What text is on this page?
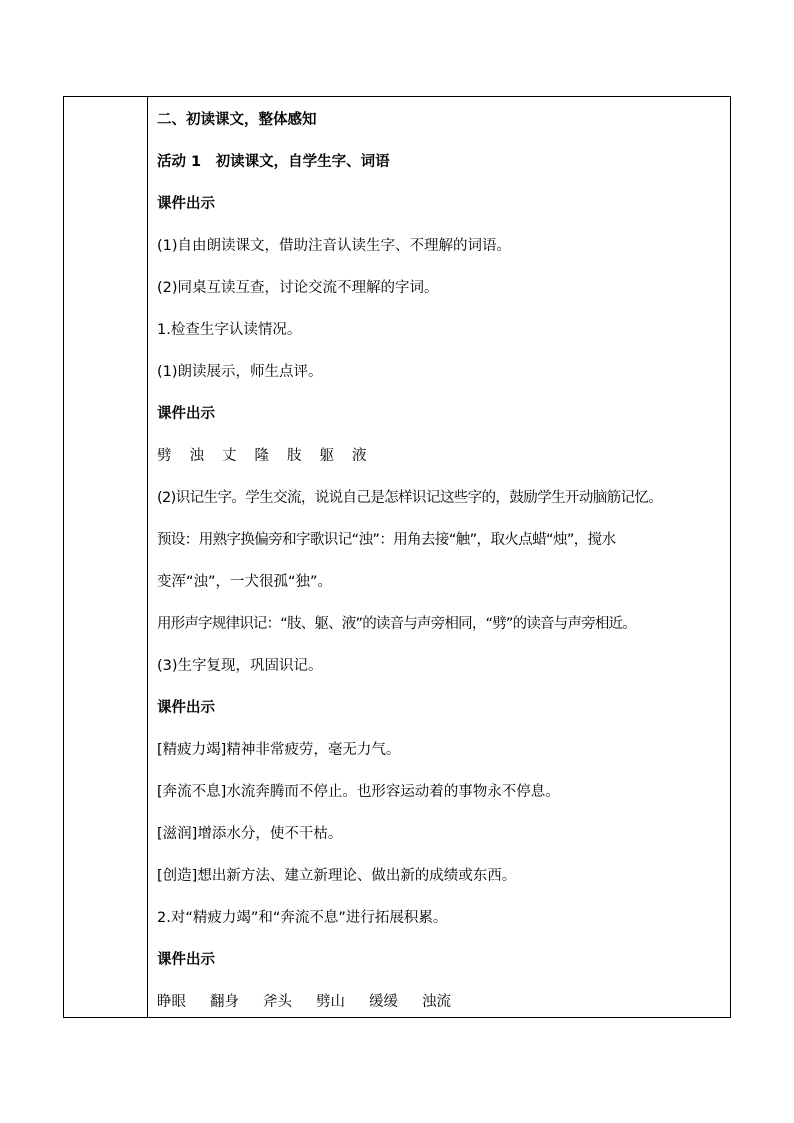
二、初读课文，整体感知
活动 1　初读课文，自学生字、词语
课件出示
(1)自由朗读课文，借助注音认读生字、不理解的词语。
(2)同桌互读互查，讨论交流不理解的字词。
1.检查生字认读情况。
(1)朗读展示，师生点评。
课件出示
劈 浊 丈 隆 肢 躯 液
(2)识记生字。学生交流，说说自己是怎样识记这些字的，鼓励学生开动脑筋记忆。
预设：用熟字换偏旁和字歌识记“浊”：用角去接“触”，取火点蜡“烛”，搅水
变浑“浊”，一犬很孤“独”。
用形声字规律识记：“肢、躯、液”的读音与声旁相同，“劈”的读音与声旁相近。
(3)生字复现，巩固识记。
课件出示
[精疲力竭]精神非常疲劳，毫无力气。
[奔流不息]水流奔腾而不停止。也形容运动着的事物永不停息。
[滋润]增添水分，使不干枯。
[创造]想出新方法、建立新理论、做出新的成绩或东西。
2.对“精疲力竭”和“奔流不息”进行拓展积累。
课件出示
睁眼 翻身 斧头 劈山 缓缓 浊流
